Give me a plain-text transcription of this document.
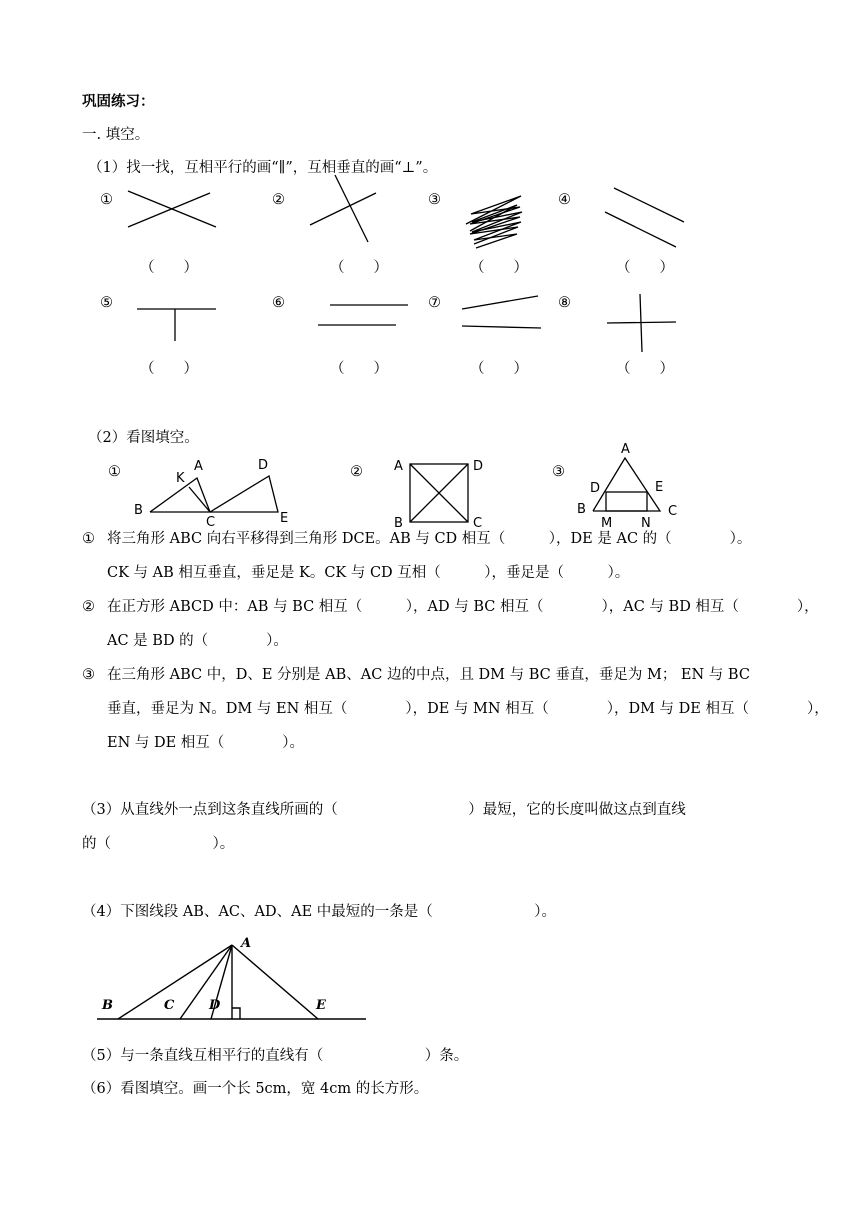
巩固练习：
一. 填空。
（1）找一找，互相平行的画“∥”，互相垂直的画“⊥”。
①	②	③	④
⑤	⑥	⑦	⑧
（　　）	（　　）	（　　）	（　　）
（　　）	（　　）	（　　）	（　　）
（2）看图填空。
①	②	③
A
K
B
C
D
E
A	D
B	C
A
D	E
B	C
M N
① 将三角形 ABC 向右平移得到三角形 DCE。AB 与 CD 相互（　　　），DE 是 AC 的（　　　　）。
CK 与 AB 相互垂直，垂足是 K。CK 与 CD 互相（　　　），垂足是（　　　）。
② 在正方形 ABCD 中：AB 与 BC 相互（　　　），AD 与 BC 相互（　　　　），AC 与 BD 相互（　　　　），
AC 是 BD 的（　　　　）。
③ 在三角形 ABC 中，D、E 分别是 AB、AC 边的中点，且 DM 与 BC 垂直，垂足为 M； EN 与 BC
垂直，垂足为 N。DM 与 EN 相互（　　　　），DE 与 MN 相互（　　　　），DM 与 DE 相互（　　　　），
EN 与 DE 相互（　　　　）。
（3）从直线外一点到这条直线所画的（　　　　　　　　　）最短，它的长度叫做这点到直线
的（　　　　　　　）。
（4）下图线段 AB、AC、AD、AE 中最短的一条是（　　　　　　　）。
A
B	C	D	E
（5）与一条直线互相平行的直线有（　　　　　　　）条。
（6）看图填空。画一个长 5cm，宽 4cm 的长方形。
